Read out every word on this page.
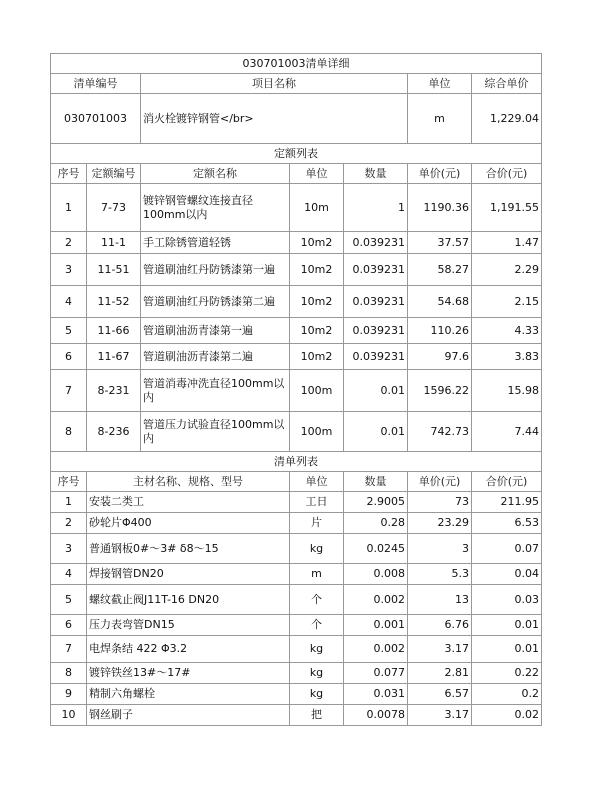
030701003清单详细						
清单编号		项目名称			单位	综合单价
030701003		消火栓镀锌钢管</br>			m	1,229.04
定额列表						
序号	定额编号	定额名称	单位	数量	单价(元)	合价(元)
1	7-73	镀锌钢管螺纹连接直径100mm以内	10m	1	1190.36	1,191.55
2	11-1	手工除锈管道轻锈	10m2	0.039231	37.57	1.47
3	11-51	管道刷油红丹防锈漆第一遍	10m2	0.039231	58.27	2.29
4	11-52	管道刷油红丹防锈漆第二遍	10m2	0.039231	54.68	2.15
5	11-66	管道刷油沥青漆第一遍	10m2	0.039231	110.26	4.33
6	11-67	管道刷油沥青漆第二遍	10m2	0.039231	97.6	3.83
7	8-231	管道消毒冲洗直径100mm以内	100m	0.01	1596.22	15.98
8	8-236	管道压力试验直径100mm以内	100m	0.01	742.73	7.44
清单列表						
序号	主材名称、规格、型号		单位	数量	单价(元)	合价(元)
1	安装二类工		工日	2.9005	73	211.95
2	砂轮片Φ400		片	0.28	23.29	6.53
3	普通钢板0#～3# δ8～15		kg	0.0245	3	0.07
4	焊接钢管DN20		m	0.008	5.3	0.04
5	螺纹截止阀J11T-16 DN20		个	0.002	13	0.03
6	压力表弯管DN15		个	0.001	6.76	0.01
7	电焊条结 422 Φ3.2		kg	0.002	3.17	0.01
8	镀锌铁丝13#～17#		kg	0.077	2.81	0.22
9	精制六角螺栓		kg	0.031	6.57	0.2
10	钢丝刷子		把	0.0078	3.17	0.02
